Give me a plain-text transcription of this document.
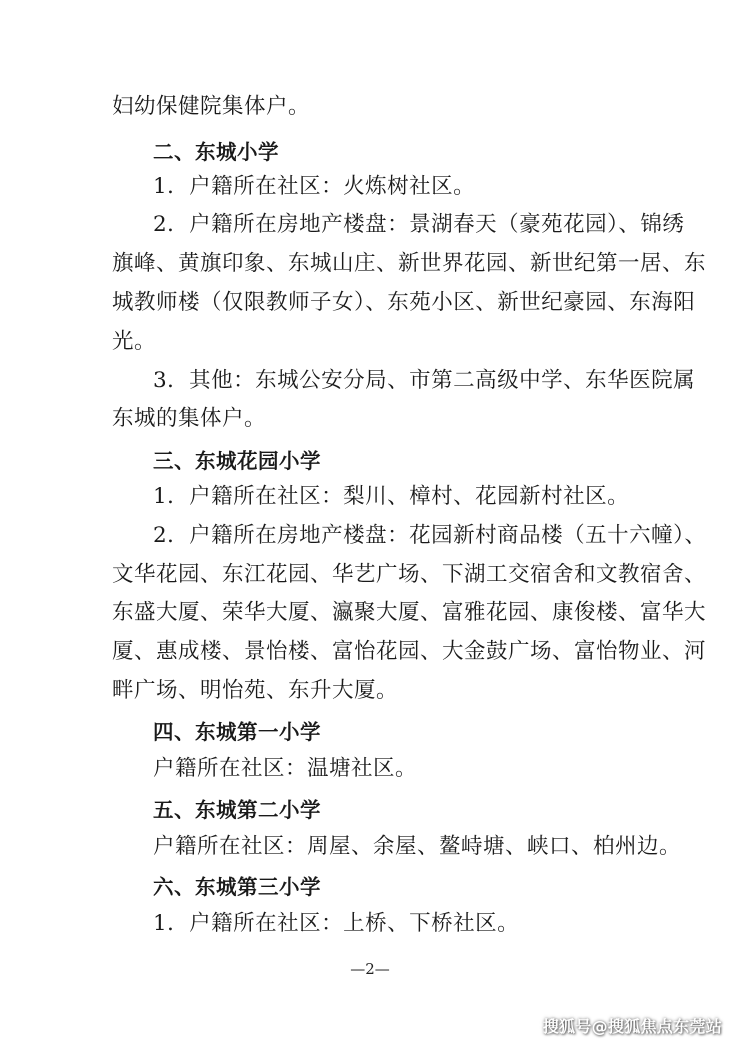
妇幼保健院集体户。
二、东城小学
1．户籍所在社区：火炼树社区。
2．户籍所在房地产楼盘：景湖春天（豪苑花园）、锦绣
旗峰、黄旗印象、东城山庄、新世界花园、新世纪第一居、东
城教师楼（仅限教师子女）、东苑小区、新世纪豪园、东海阳
光。
3．其他：东城公安分局、市第二高级中学、东华医院属
东城的集体户。
三、东城花园小学
1．户籍所在社区：梨川、樟村、花园新村社区。
2．户籍所在房地产楼盘：花园新村商品楼（五十六幢）、
文华花园、东江花园、华艺广场、下湖工交宿舍和文教宿舍、
东盛大厦、荣华大厦、瀛聚大厦、富雅花园、康俊楼、富华大
厦、惠成楼、景怡楼、富怡花园、大金鼓广场、富怡物业、河
畔广场、明怡苑、东升大厦。
四、东城第一小学
户籍所在社区：温塘社区。
五、东城第二小学
户籍所在社区：周屋、余屋、鳌峙塘、峡口、柏州边。
六、东城第三小学
1．户籍所在社区：上桥、下桥社区。
—2—
搜狐号@搜狐焦点东莞站
